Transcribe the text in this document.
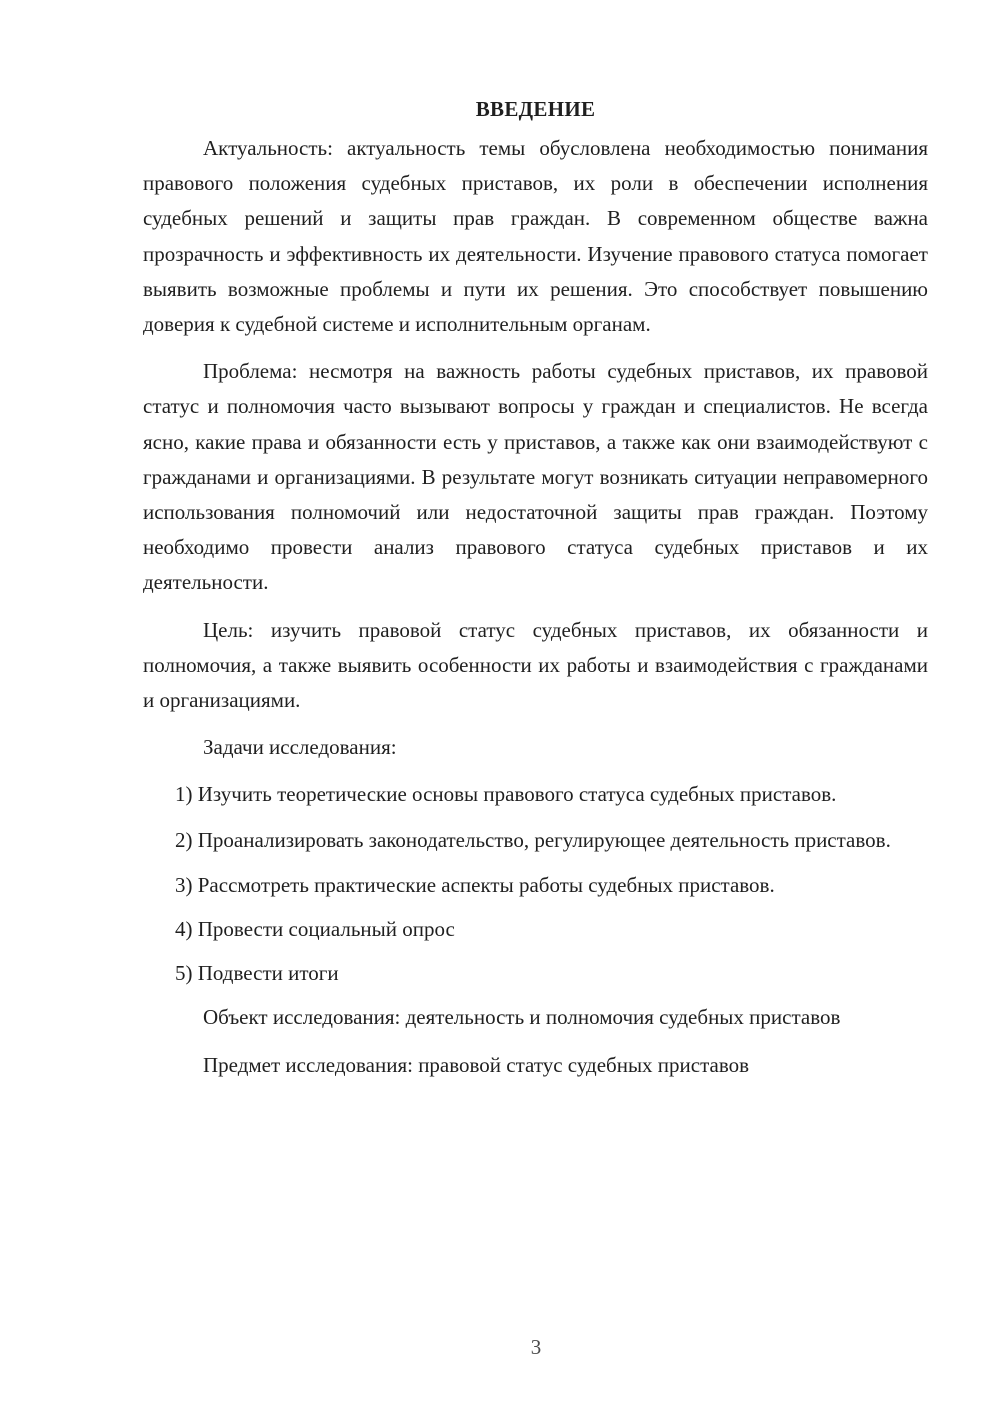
ВВЕДЕНИЕ

Актуальность: актуальность темы обусловлена необходимостью понимания правового положения судебных приставов, их роли в обеспечении исполнения судебных решений и защиты прав граждан. В современном обществе важна прозрачность и эффективность их деятельности. Изучение правового статуса помогает выявить возможные проблемы и пути их решения. Это способствует повышению доверия к судебной системе и исполнительным органам.

Проблема: несмотря на важность работы судебных приставов, их правовой статус и полномочия часто вызывают вопросы у граждан и специалистов. Не всегда ясно, какие права и обязанности есть у приставов, а также как они взаимодействуют с гражданами и организациями. В результате могут возникать ситуации неправомерного использования полномочий или недостаточной защиты прав граждан. Поэтому необходимо провести анализ правового статуса судебных приставов и их деятельности.

Цель: изучить правовой статус судебных приставов, их обязанности и полномочия, а также выявить особенности их работы и взаимодействия с гражданами и организациями.

Задачи исследования:

1) Изучить теоретические основы правового статуса судебных приставов.

2) Проанализировать законодательство, регулирующее деятельность приставов.

3) Рассмотреть практические аспекты работы судебных приставов.

4) Провести социальный опрос

5) Подвести итоги

Объект исследования: деятельность и полномочия судебных приставов

Предмет исследования: правовой статус судебных приставов

3
